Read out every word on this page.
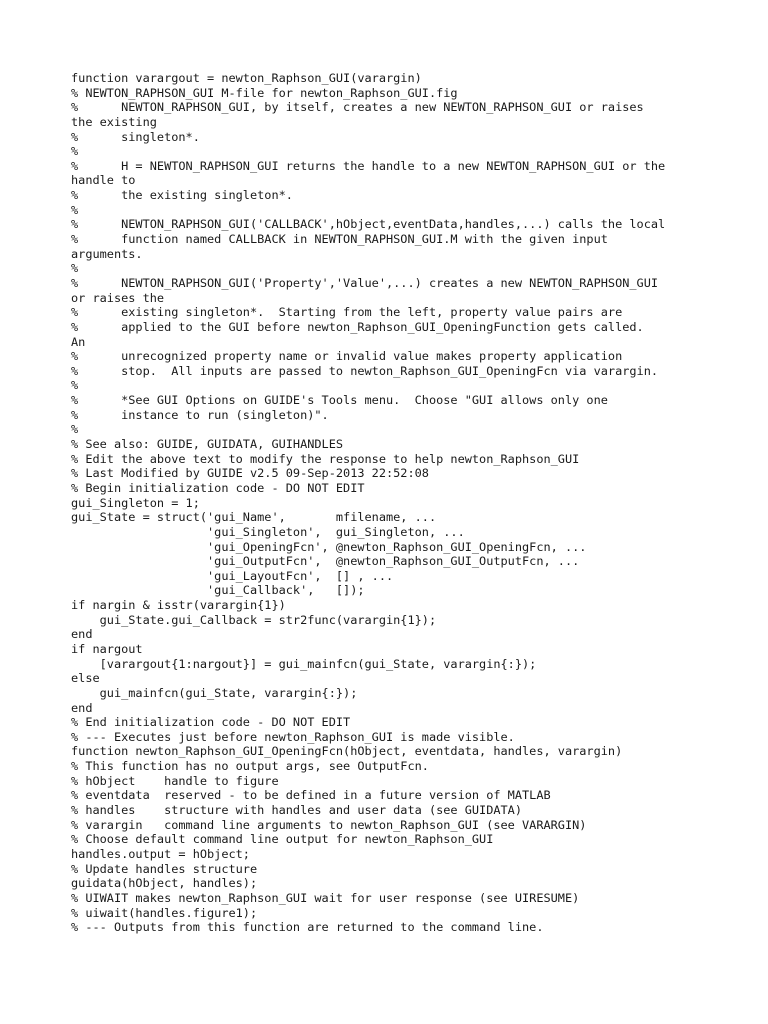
function varargout = newton_Raphson_GUI(varargin)
% NEWTON_RAPHSON_GUI M-file for newton_Raphson_GUI.fig
%      NEWTON_RAPHSON_GUI, by itself, creates a new NEWTON_RAPHSON_GUI or raises
the existing
%      singleton*.
%
%      H = NEWTON_RAPHSON_GUI returns the handle to a new NEWTON_RAPHSON_GUI or the
handle to
%      the existing singleton*.
%
%      NEWTON_RAPHSON_GUI('CALLBACK',hObject,eventData,handles,...) calls the local
%      function named CALLBACK in NEWTON_RAPHSON_GUI.M with the given input
arguments.
%
%      NEWTON_RAPHSON_GUI('Property','Value',...) creates a new NEWTON_RAPHSON_GUI
or raises the
%      existing singleton*.  Starting from the left, property value pairs are
%      applied to the GUI before newton_Raphson_GUI_OpeningFunction gets called.
An
%      unrecognized property name or invalid value makes property application
%      stop.  All inputs are passed to newton_Raphson_GUI_OpeningFcn via varargin.
%
%      *See GUI Options on GUIDE's Tools menu.  Choose "GUI allows only one
%      instance to run (singleton)".
%
% See also: GUIDE, GUIDATA, GUIHANDLES
% Edit the above text to modify the response to help newton_Raphson_GUI
% Last Modified by GUIDE v2.5 09-Sep-2013 22:52:08
% Begin initialization code - DO NOT EDIT
gui_Singleton = 1;
gui_State = struct('gui_Name',       mfilename, ...
'gui_Singleton',  gui_Singleton, ...
'gui_OpeningFcn', @newton_Raphson_GUI_OpeningFcn, ...
'gui_OutputFcn',  @newton_Raphson_GUI_OutputFcn, ...
'gui_LayoutFcn',  [] , ...
'gui_Callback',   []);
if nargin & isstr(varargin{1})
gui_State.gui_Callback = str2func(varargin{1});
end
if nargout
[varargout{1:nargout}] = gui_mainfcn(gui_State, varargin{:});
else
gui_mainfcn(gui_State, varargin{:});
end
% End initialization code - DO NOT EDIT
% --- Executes just before newton_Raphson_GUI is made visible.
function newton_Raphson_GUI_OpeningFcn(hObject, eventdata, handles, varargin)
% This function has no output args, see OutputFcn.
% hObject    handle to figure
% eventdata  reserved - to be defined in a future version of MATLAB
% handles    structure with handles and user data (see GUIDATA)
% varargin   command line arguments to newton_Raphson_GUI (see VARARGIN)
% Choose default command line output for newton_Raphson_GUI
handles.output = hObject;
% Update handles structure
guidata(hObject, handles);
% UIWAIT makes newton_Raphson_GUI wait for user response (see UIRESUME)
% uiwait(handles.figure1);
% --- Outputs from this function are returned to the command line.
